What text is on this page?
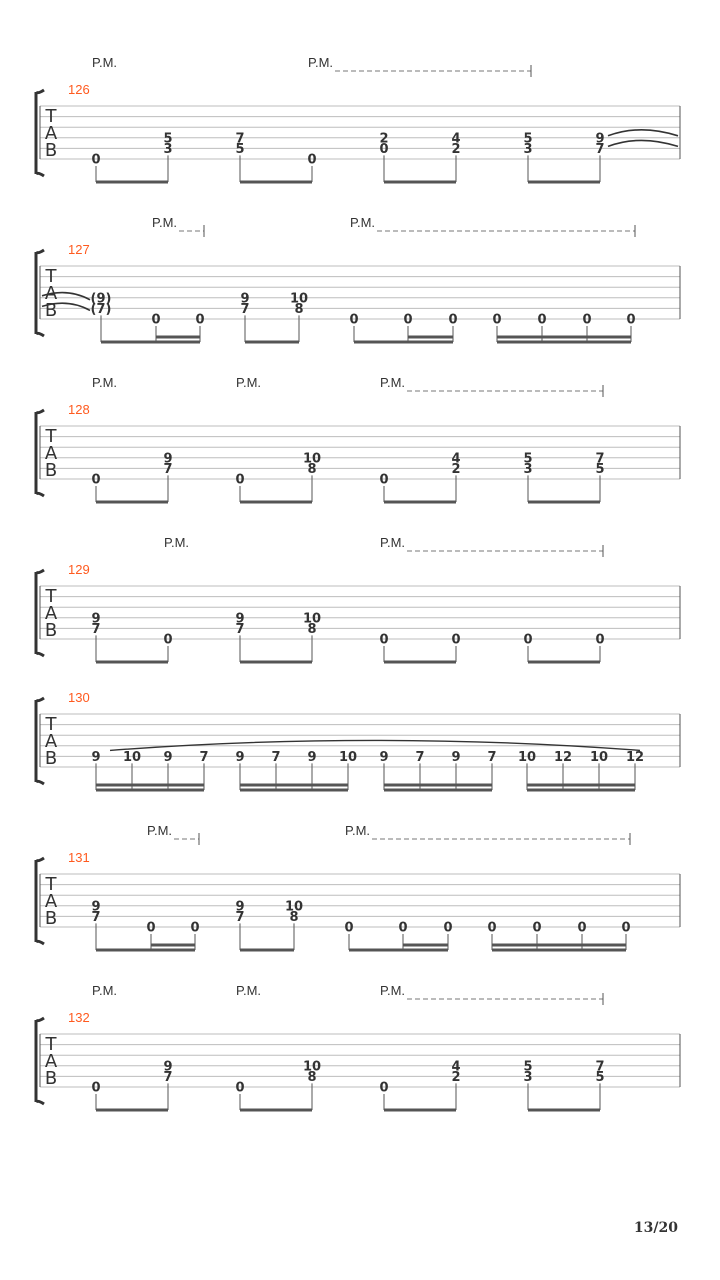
T
A
B
126
P.M.	P.M.
0
5
3
7
5
0
2
0
4
2
5
3
9
7
T
A
B
127
P.M.	P.M.
(9)
(7)
0	0
9
7
10
8
0	0	0	0	0	0	0
T
A
B
128
P.M.	P.M.	P.M.
0
9
7
0
10
8
0
4
2
5
3
7
5
T
A
B
129
P.M.	P.M.
9
7
0
9
7
10
8
0	0	0	0
T
A
B
130
9 10 9 7 9 7 9 10 9 7 9 7 10 12 10 12
T
A
B
131
P.M.	P.M.
9
7
0	0
9
7
10
8
0	0	0	0	0	0	0
T
A
B
132
P.M.	P.M.	P.M.
0
9
7
0
10
8
0
4
2
5
3
7
5
13/20
